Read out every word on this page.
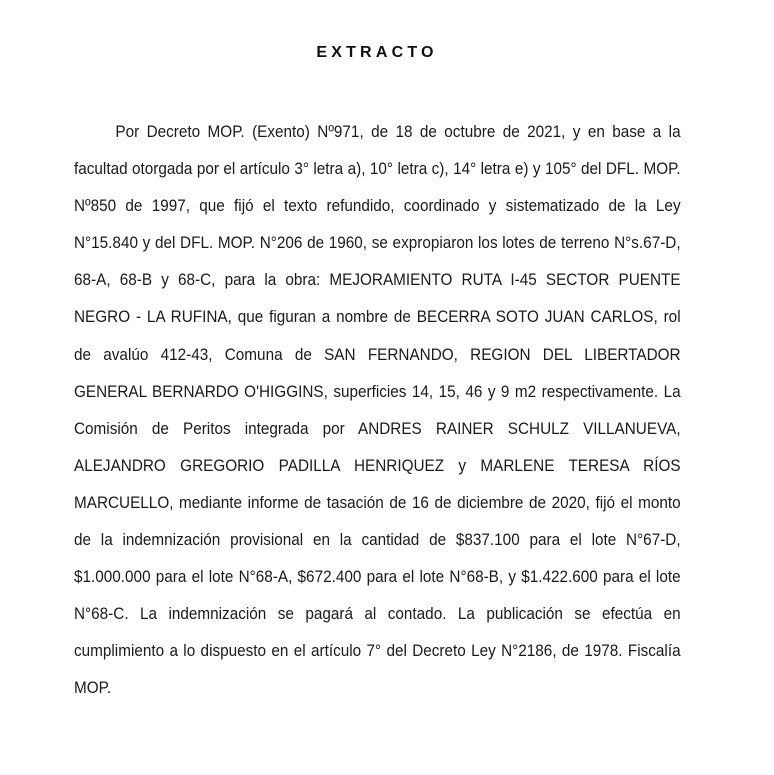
EXTRACTO

Por Decreto MOP. (Exento) Nº971, de 18 de octubre de 2021, y en base a la facultad otorgada por el artículo 3° letra a), 10° letra c), 14° letra e) y 105° del DFL. MOP. Nº850 de 1997, que fijó el texto refundido, coordinado y sistematizado de la Ley N°15.840 y del DFL. MOP. N°206 de 1960, se expropiaron los lotes de terreno N°s.67-D, 68-A, 68-B y 68-C, para la obra: MEJORAMIENTO RUTA I-45 SECTOR PUENTE NEGRO - LA RUFINA, que figuran a nombre de BECERRA SOTO JUAN CARLOS, rol de avalúo 412-43, Comuna de SAN FERNANDO, REGION DEL LIBERTADOR GENERAL BERNARDO O'HIGGINS, superficies 14, 15, 46 y 9 m2 respectivamente. La Comisión de Peritos integrada por ANDRES RAINER SCHULZ VILLANUEVA, ALEJANDRO GREGORIO PADILLA HENRIQUEZ y MARLENE TERESA RÍOS MARCUELLO, mediante informe de tasación de 16 de diciembre de 2020, fijó el monto de la indemnización provisional en la cantidad de $837.100 para el lote N°67-D, $1.000.000 para el lote N°68-A, $672.400 para el lote N°68-B, y $1.422.600 para el lote N°68-C. La indemnización se pagará al contado. La publicación se efectúa en cumplimiento a lo dispuesto en el artículo 7° del Decreto Ley N°2186, de 1978. Fiscalía MOP.
